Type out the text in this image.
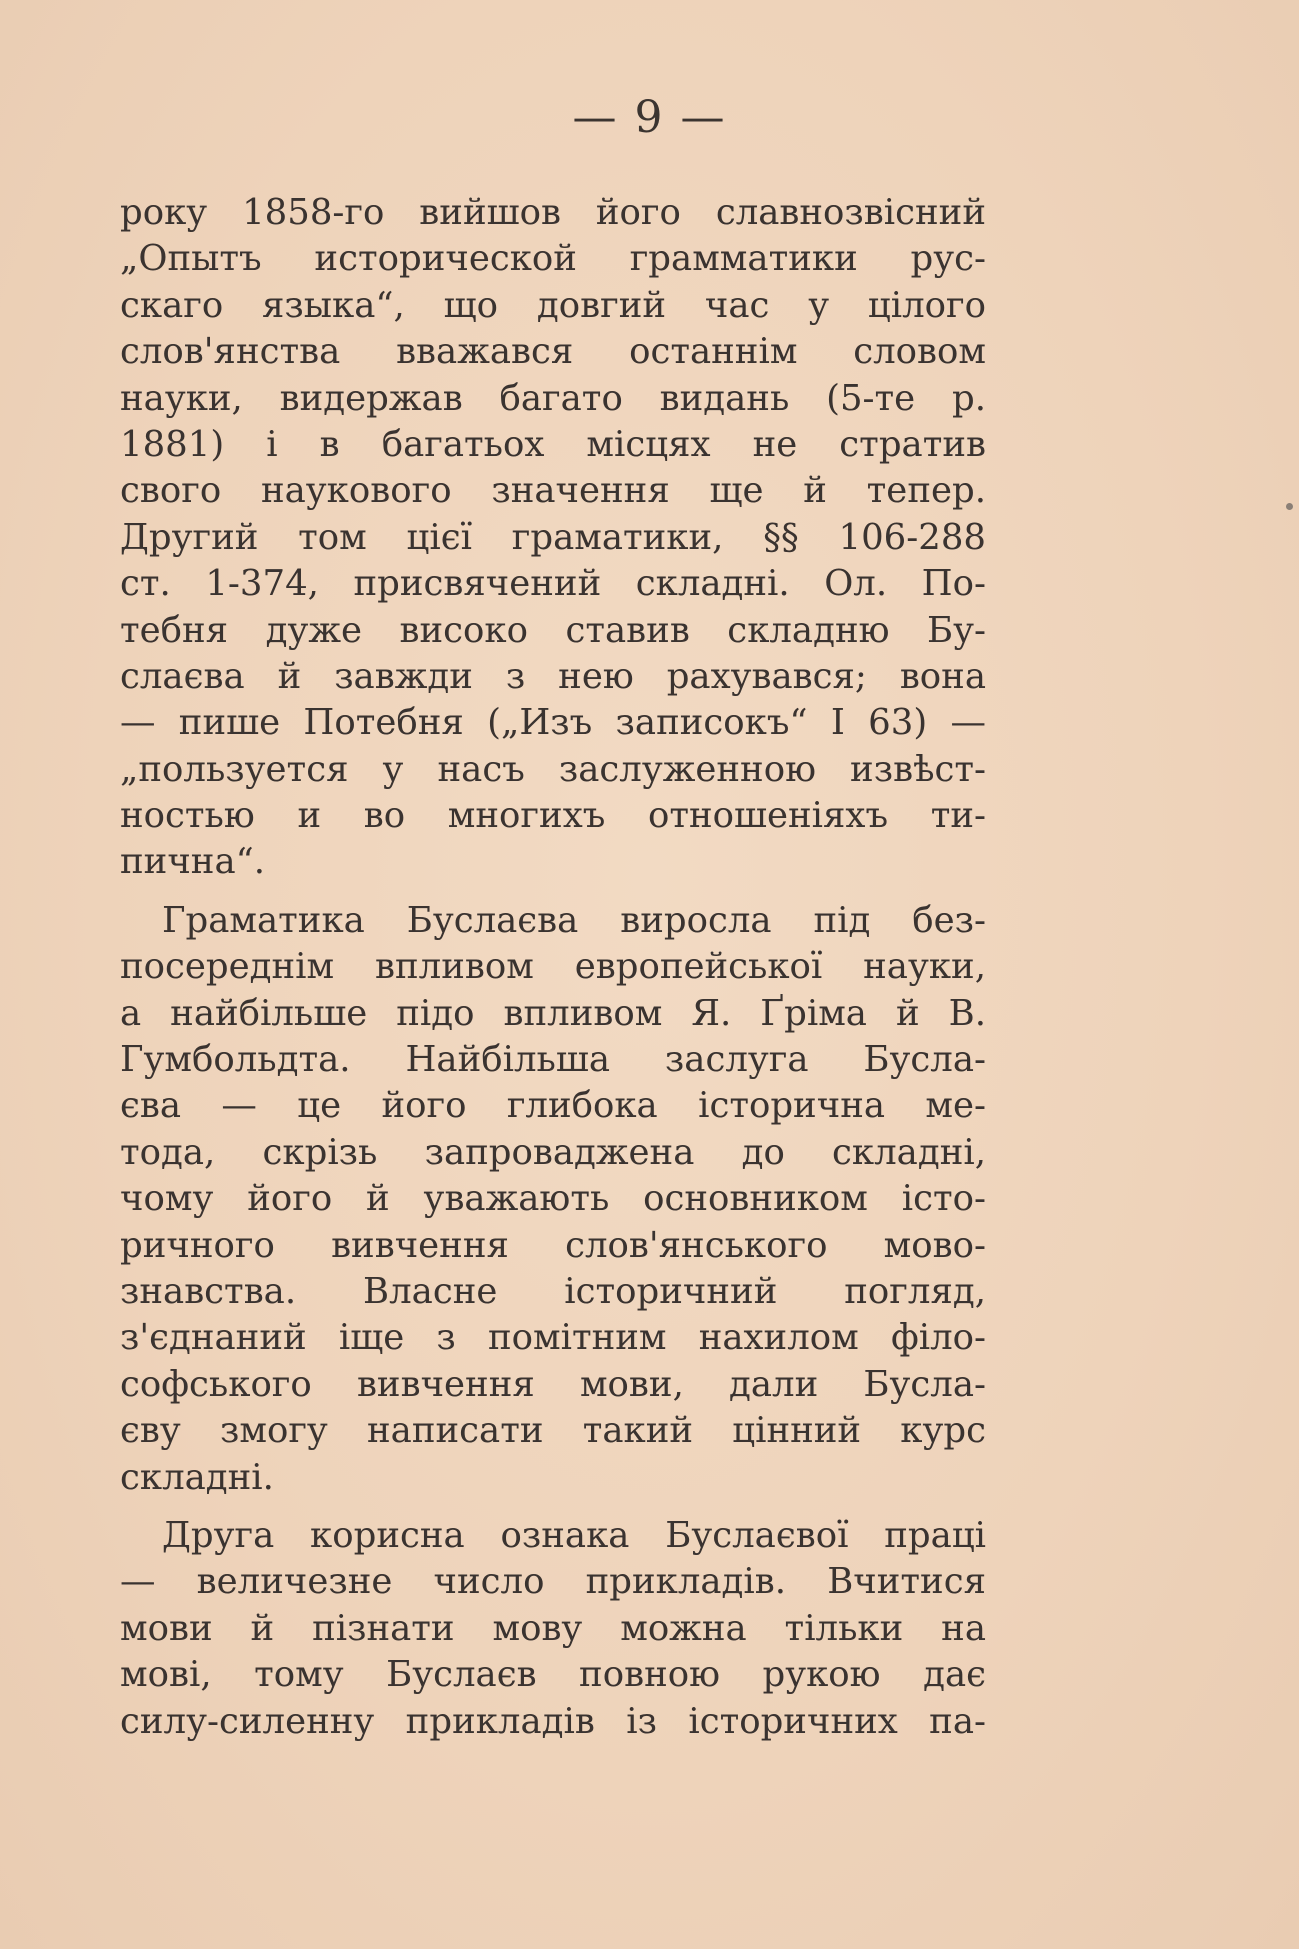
— 9 —
року 1858-го вийшов його славнозвісний
„Опытъ исторической грамматики рус-
скаго языка“, що довгий час у цілого
слов'янства вважався останнім словом
науки, видержав багато видань (5-те р.
1881) і в багатьох місцях не стратив
свого наукового значення ще й тепер.
Другий том цієї граматики, §§ 106-288
ст. 1-374, присвячений складні. Ол. По-
тебня дуже високо ставив складню Бу-
слаєва й завжди з нею рахувався; вона
— пише Потебня („Изъ записокъ“ I 63) —
„пользуется у насъ заслуженною извѣст-
ностью и во многихъ отношеніяхъ ти-
пична“.
Граматика Буслаєва виросла під без-
посереднім впливом европейської науки,
а найбільше підо впливом Я. Ґріма й В.
Гумбольдта. Найбільша заслуга Буслa-
єва — це його глибока історична ме-
тода, скрізь запроваджена до складні,
чому його й уважають основником істо-
ричного вивчення слов'янського мово-
знавства. Власне історичний погляд,
з'єднаний іще з помітним нахилом філо-
софського вивчення мови, дали Бусла-
єву змогу написати такий цінний курс
складні.
Друга корисна ознака Буслаєвої праці
— величезне число прикладів. Вчитися
мови й пізнати мову можна тільки на
мові, тому Буслаєв повною рукою дає
силу-силенну прикладів із історичних па-
